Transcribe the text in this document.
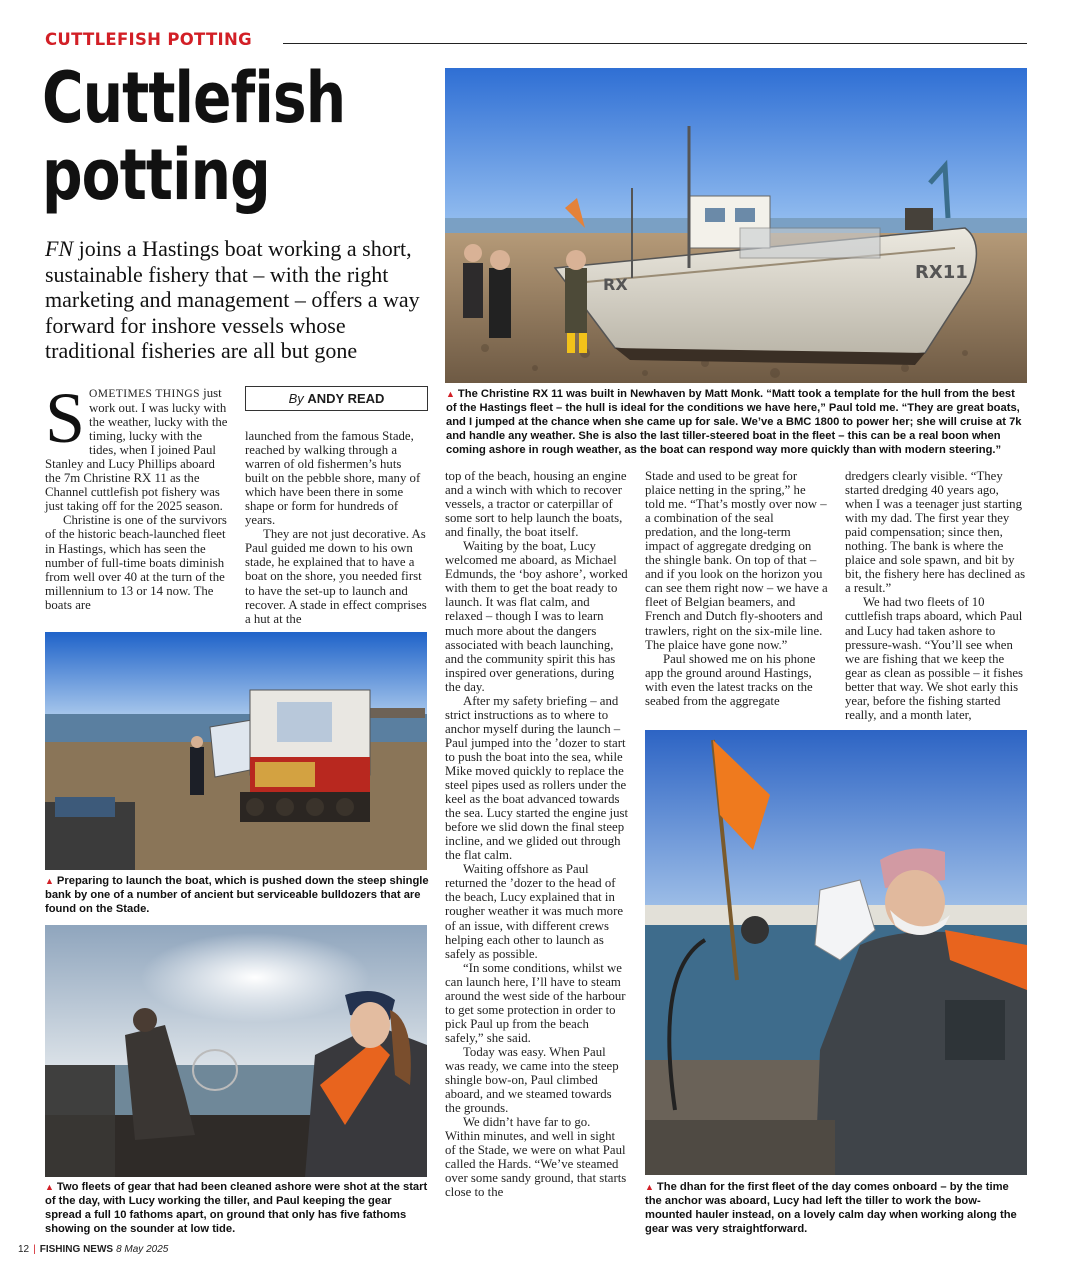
CUTTLEFISH POTTING
Cuttlefish
potting
FN joins a Hastings boat working a short, sustainable fishery that – with the right marketing and management – offers a way forward for inshore vessels whose traditional fisheries are all but gone
By ANDY READ
RX11
RX
▲ The Christine RX 11 was built in Newhaven by Matt Monk. “Matt took a template for the hull from the best of the Hastings fleet – the hull is ideal for the conditions we have here,” Paul told me. “They are great boats, and I jumped at the chance when she came up for sale. We’ve a BMC 1800 to power her; she will cruise at 7k and handle any weather. She is also the last tiller-steered boat in the fleet – this can be a real boon when coming ashore in rough weather, as the boat can respond way more quickly than with modern steering.”

SOMETIMES THINGS just work out. I was lucky with the weather, lucky with the timing, lucky with the tides, when I joined Paul Stanley and Lucy Phillips aboard the 7m Christine RX 11 as the Channel cuttlefish pot fishery was just taking off for the 2025 season.

Christine is one of the survivors of the historic beach-launched fleet in Hastings, which has seen the number of full-time boats diminish from well over 40 at the turn of the millennium to 13 or 14 now. The boats are

launched from the famous Stade, reached by walking through a warren of old fishermen’s huts built on the pebble shore, many of which have been there in some shape or form for hundreds of years.

They are not just decorative. As Paul guided me down to his own stade, he explained that to have a boat on the shore, you needed first to have the set-up to launch and recover. A stade in effect comprises a hut at the

▲ Preparing to launch the boat, which is pushed down the steep shingle bank by one of a number of ancient but serviceable bulldozers that are found on the Stade.
▲ Two fleets of gear that had been cleaned ashore were shot at the start of the day, with Lucy working the tiller, and Paul keeping the gear spread a full 10 fathoms apart, on ground that only has five fathoms showing on the sounder at low tide.

top of the beach, housing an engine and a winch with which to recover vessels, a tractor or caterpillar of some sort to help launch the boats, and finally, the boat itself.

Waiting by the boat, Lucy welcomed me aboard, as Michael Edmunds, the ‘boy ashore’, worked with them to get the boat ready to launch. It was flat calm, and relaxed – though I was to learn much more about the dangers associated with beach launching, and the community spirit this has inspired over generations, during the day.

After my safety briefing – and strict instructions as to where to anchor myself during the launch – Paul jumped into the ’dozer to start to push the boat into the sea, while Mike moved quickly to replace the steel pipes used as rollers under the keel as the boat advanced towards the sea. Lucy started the engine just before we slid down the final steep incline, and we glided out through the flat calm.

Waiting offshore as Paul returned the ’dozer to the head of the beach, Lucy explained that in rougher weather it was much more of an issue, with different crews helping each other to launch as safely as possible.

“In some conditions, whilst we can launch here, I’ll have to steam around the west side of the harbour to get some protection in order to pick Paul up from the beach safely,” she said.

Today was easy. When Paul was ready, we came into the steep shingle bow-on, Paul climbed aboard, and we steamed towards the grounds.

We didn’t have far to go. Within minutes, and well in sight of the Stade, we were on what Paul called the Hards. “We’ve steamed over some sandy ground, that starts close to the

Stade and used to be great for plaice netting in the spring,” he told me. “That’s mostly over now – a combination of the seal predation, and the long-term impact of aggregate dredging on the shingle bank. On top of that – and if you look on the horizon you can see them right now – we have a fleet of Belgian beamers, and French and Dutch fly-shooters and trawlers, right on the six-mile line. The plaice have gone now.”

Paul showed me on his phone app the ground around Hastings, with even the latest tracks on the seabed from the aggregate

dredgers clearly visible. “They started dredging 40 years ago, when I was a teenager just starting with my dad. The first year they paid compensation; since then, nothing. The bank is where the plaice and sole spawn, and bit by bit, the fishery here has declined as a result.”

We had two fleets of 10 cuttlefish traps aboard, which Paul and Lucy had taken ashore to pressure-wash. “You’ll see when we are fishing that we keep the gear as clean as possible – it fishes better that way. We shot early this year, before the fishing started really, and a month later,

▲ The dhan for the first fleet of the day comes onboard – by the time the anchor was aboard, Lucy had left the tiller to work the bow-mounted hauler instead, on a lovely calm day when working along the gear was very straightforward.
12 | FISHING NEWS 8 May 2025
